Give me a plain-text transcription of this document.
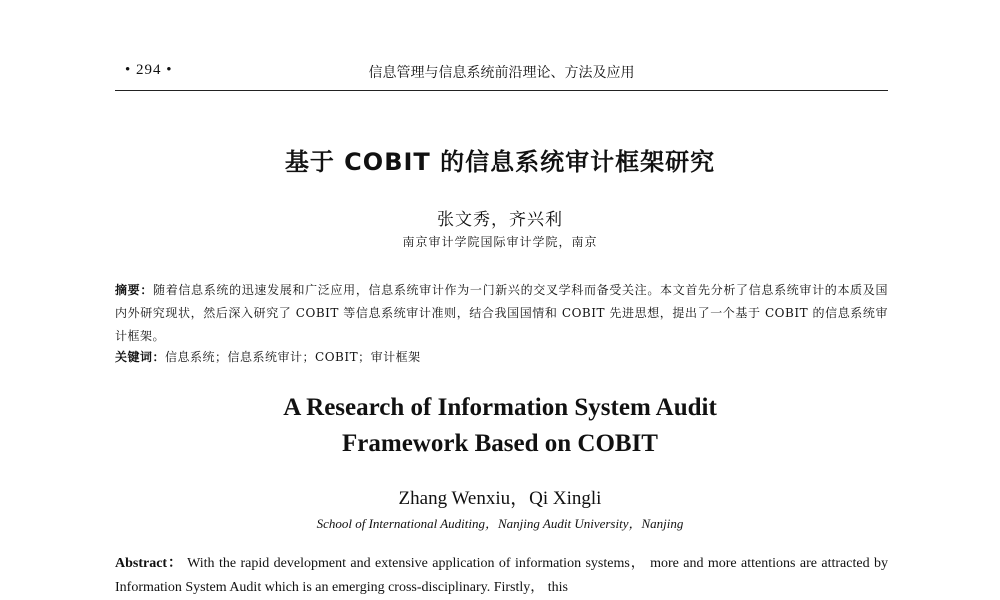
• 294 •	信息管理与信息系统前沿理论、方法及应用
基于 COBIT 的信息系统审计框架研究
张文秀，齐兴利
南京审计学院国际审计学院，南京
摘要：随着信息系统的迅速发展和广泛应用，信息系统审计作为一门新兴的交叉学科而备受关注。本文首先分析了信息系统审计的本质及国内外研究现状，然后深入研究了 COBIT 等信息系统审计准则，结合我国国情和 COBIT 先进思想，提出了一个基于 COBIT 的信息系统审计框架。
关键词：信息系统；信息系统审计；COBIT；审计框架
A Research of Information System Audit
Framework Based on COBIT
Zhang Wenxiu，Qi Xingli
School of International Auditing，Nanjing Audit University，Nanjing
Abstract： With the rapid development and extensive application of information systems， more and more attentions are attracted by Information System Audit which is an emerging cross-disciplinary. Firstly， this
